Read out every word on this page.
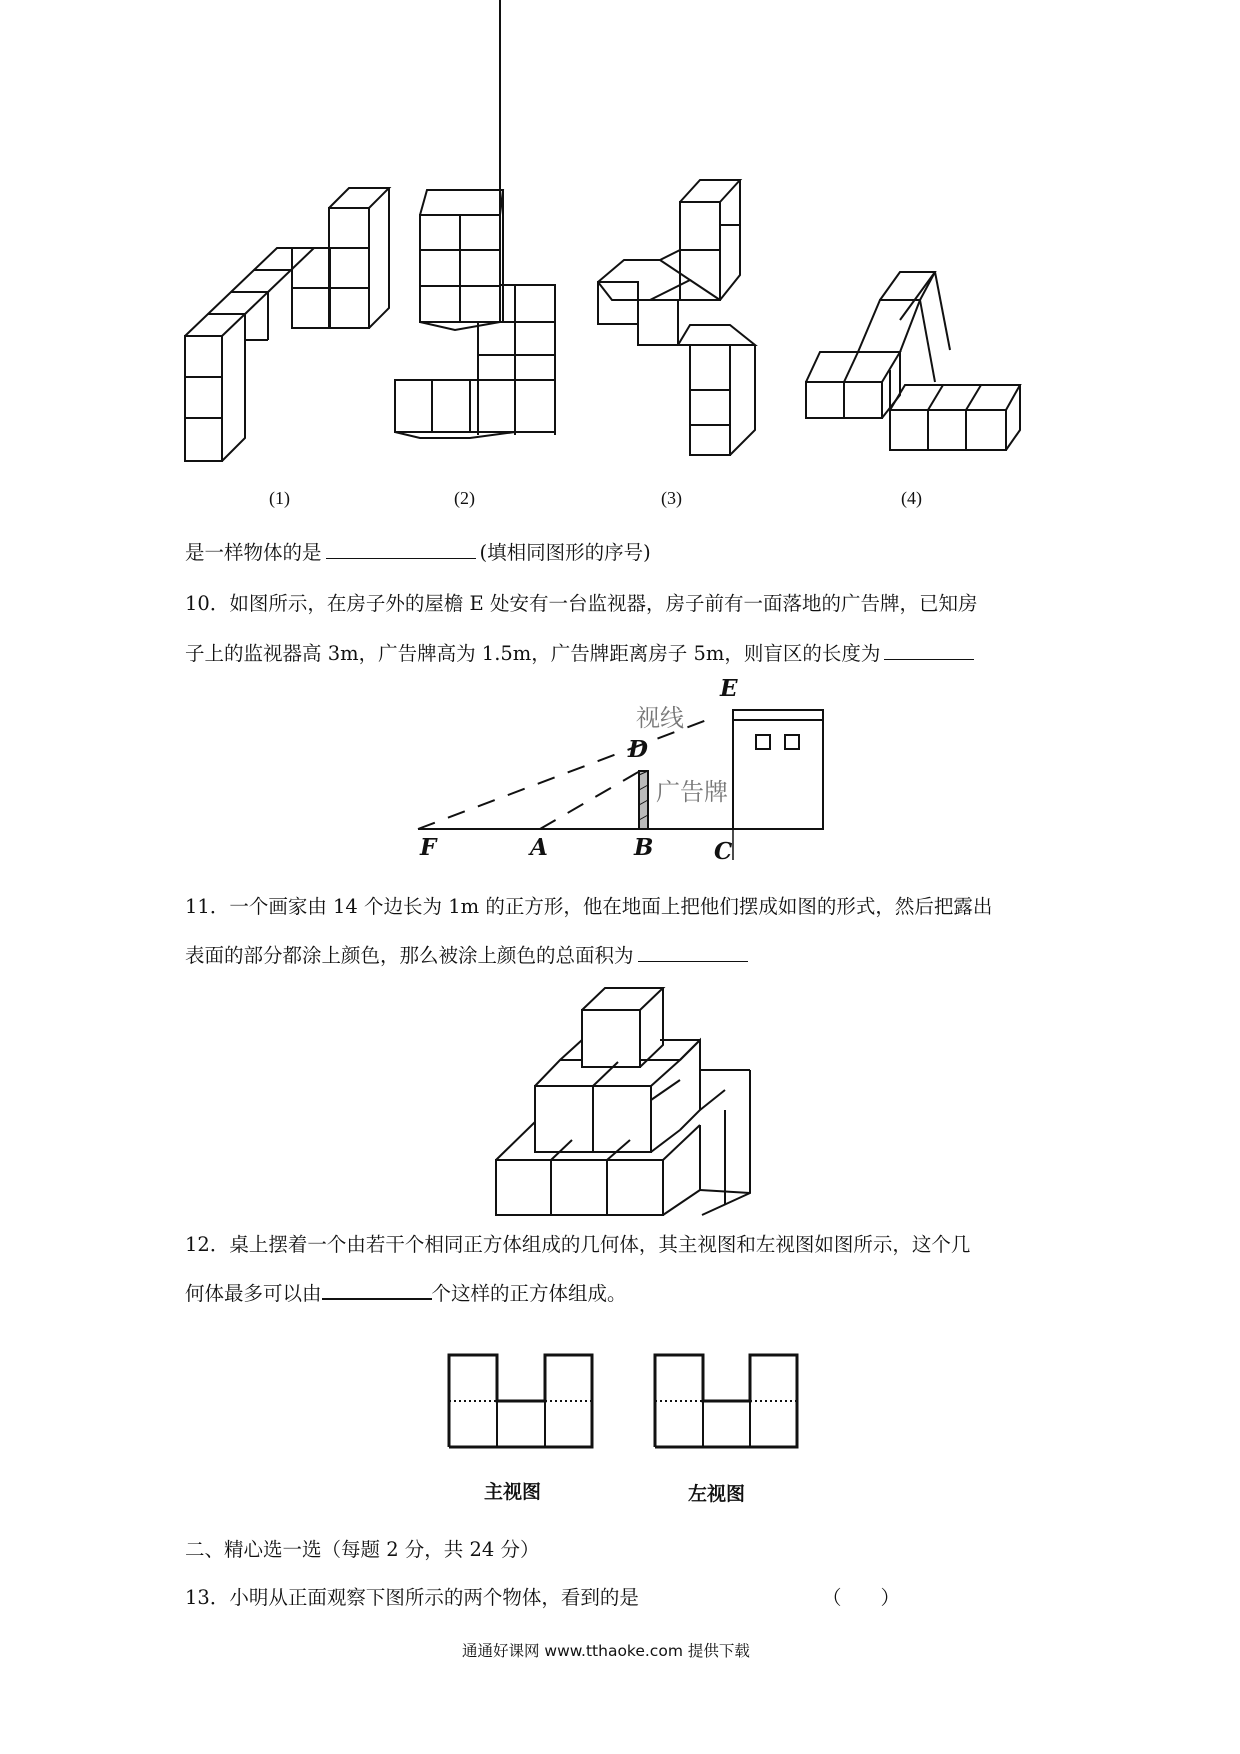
(1)	(2)	(3)	(4)
是一样物体的是	(填相同图形的序号)
10．如图所示，在房子外的屋檐 E 处安有一台监视器，房子前有一面落地的广告牌，已知房
子上的监视器高 3m，广告牌高为 1.5m，广告牌距离房子 5m，则盲区的长度为
E
D
F	A	B	C
视线
广告牌
11．一个画家由 14 个边长为 1m 的正方形，他在地面上把他们摆成如图的形式，然后把露出
表面的部分都涂上颜色，那么被涂上颜色的总面积为
12．桌上摆着一个由若干个相同正方体组成的几何体，其主视图和左视图如图所示，这个几
何体最多可以由	个这样的正方体组成。
主视图	左视图
二、精心选一选（每题 2 分，共 24 分）
13．小明从正面观察下图所示的两个物体，看到的是	（　　）
通通好课网 www.tthaoke.com 提供下载
